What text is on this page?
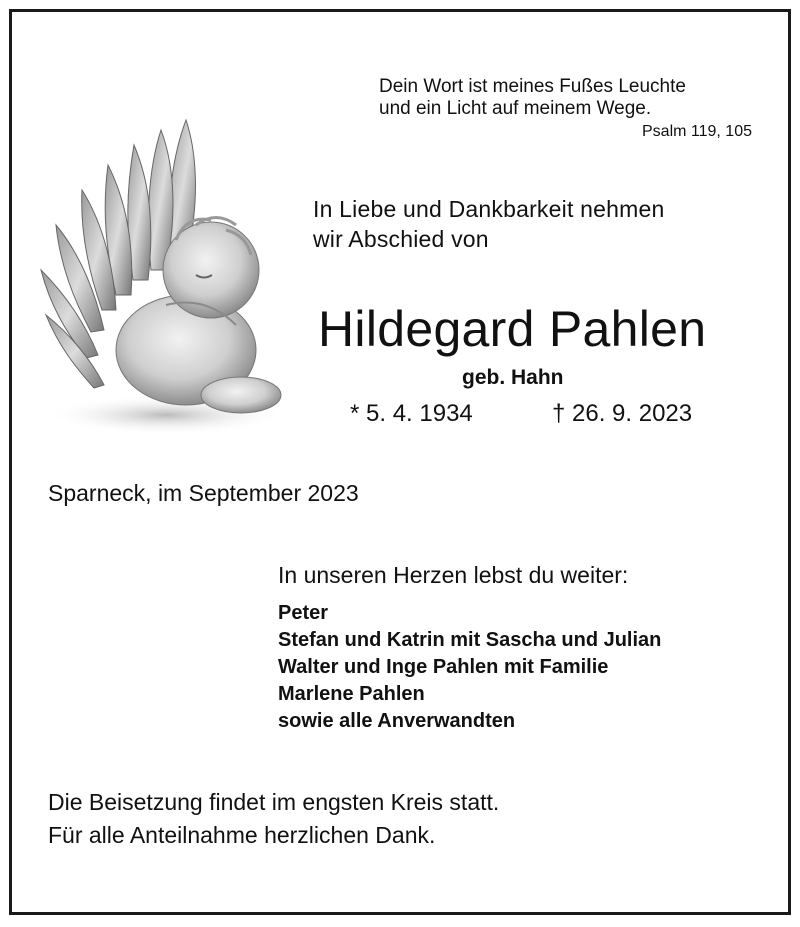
Dein Wort ist meines Fußes Leuchte
und ein Licht auf meinem Wege.
Psalm 119, 105
In Liebe und Dankbarkeit nehmen
wir Abschied von
Hildegard Pahlen
geb. Hahn
* 5. 4. 1934	† 26. 9. 2023
Sparneck, im September 2023
In unseren Herzen lebst du weiter:
Peter
Stefan und Katrin mit Sascha und Julian
Walter und Inge Pahlen mit Familie
Marlene Pahlen
sowie alle Anverwandten
Die Beisetzung findet im engsten Kreis statt.
Für alle Anteilnahme herzlichen Dank.
